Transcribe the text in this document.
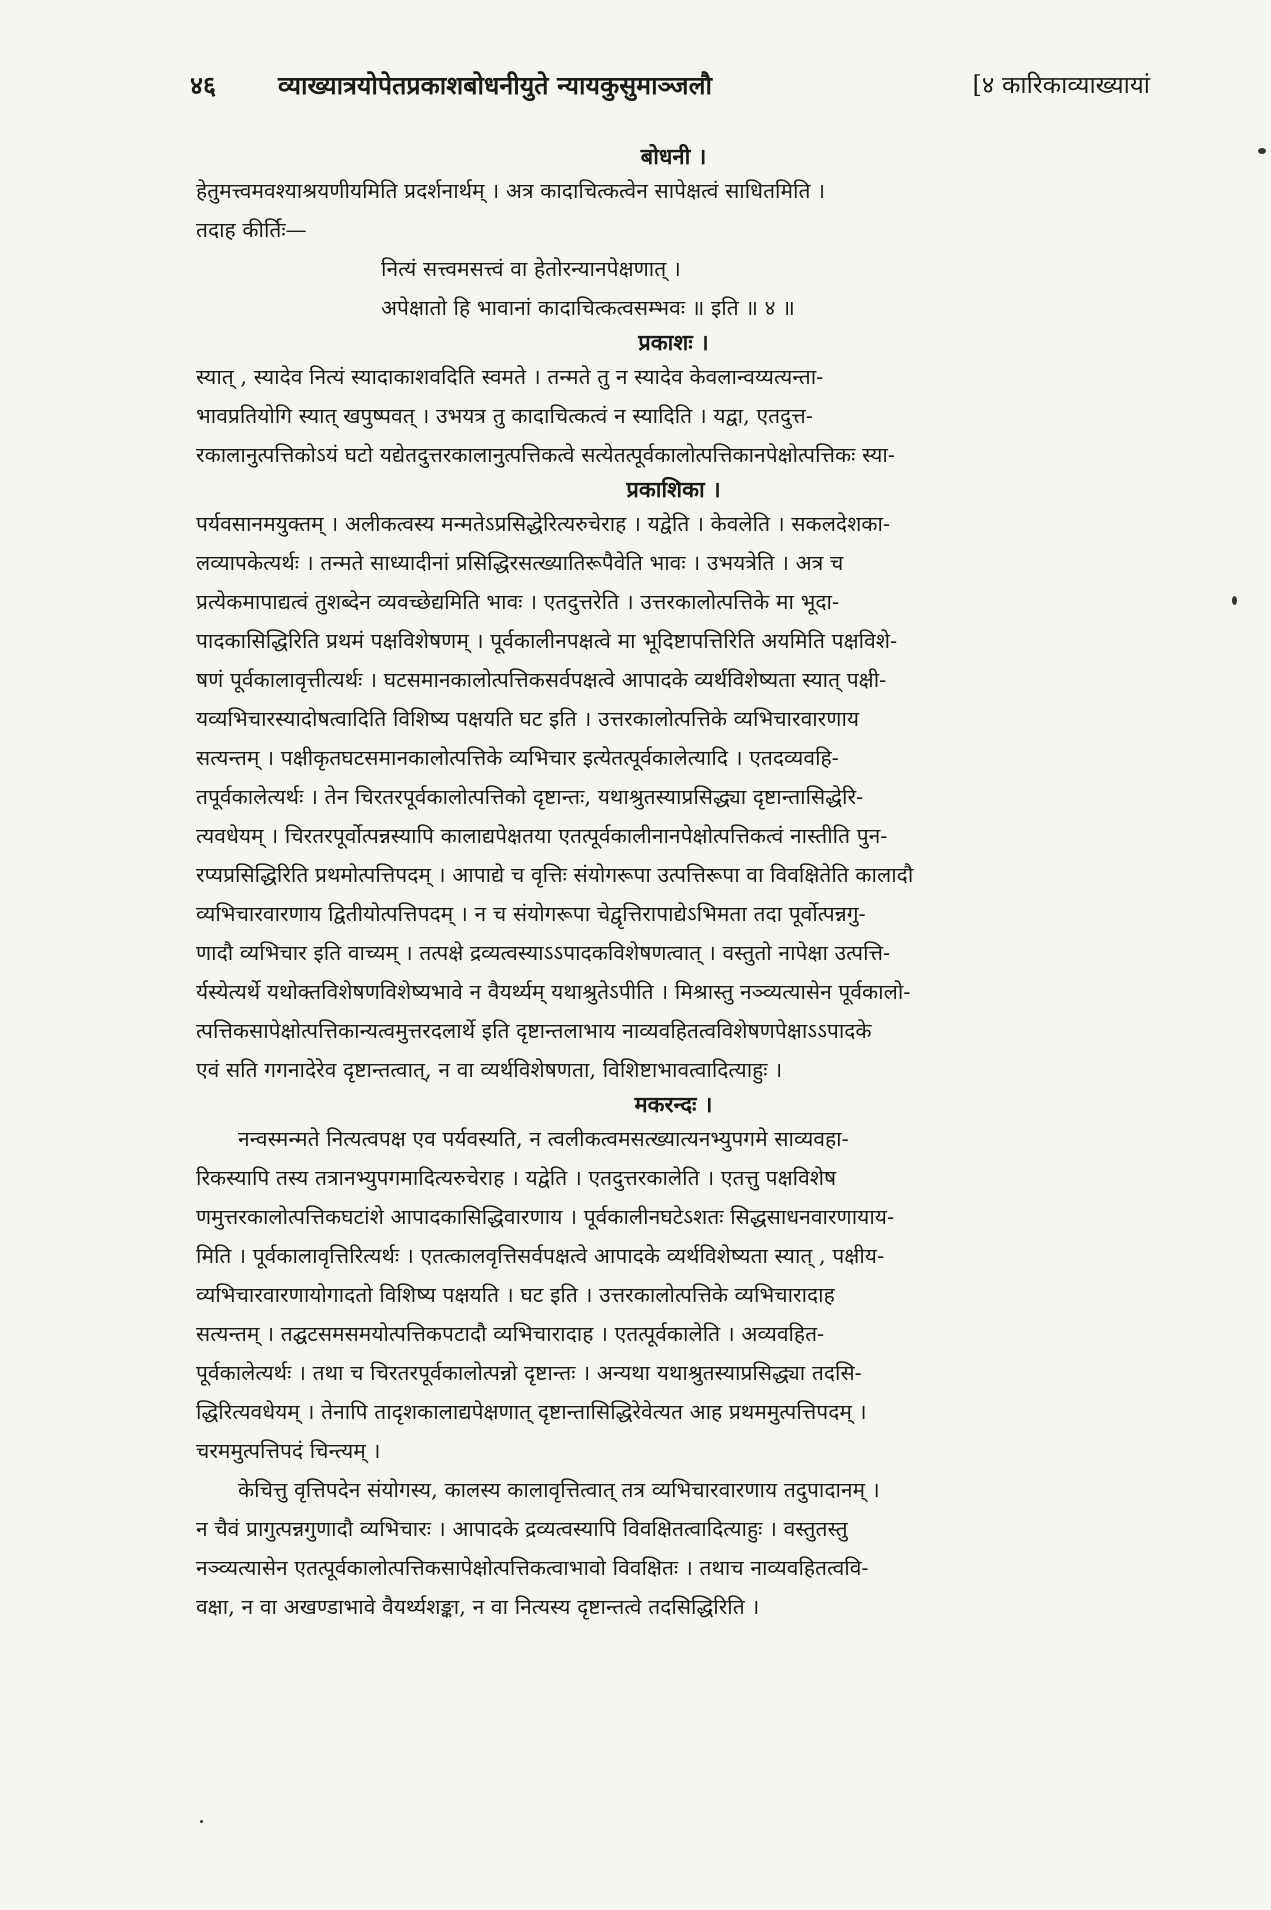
४६ व्याख्यात्रयोपेतप्रकाशबोधनीयुते न्यायकुसुमाञ्जलौ	[४ कारिकाव्याख्यायां
बोधनी ।
हेतुमत्त्वमवश्याश्रयणीयमिति प्रदर्शनार्थम् । अत्र कादाचित्कत्वेन सापेक्षत्वं साधितमिति ।
तदाह कीर्तिः—
नित्यं सत्त्वमसत्त्वं वा हेतोरन्यानपेक्षणात् ।
अपेक्षातो हि भावानां कादाचित्कत्वसम्भवः ॥ इति ॥ ४ ॥
प्रकाशः ।
स्यात् , स्यादेव नित्यं स्यादाकाशवदिति स्वमते । तन्मते तु न स्यादेव केवलान्वय्यत्यन्ता-
भावप्रतियोगि स्यात् खपुष्पवत् । उभयत्र तु कादाचित्कत्वं न स्यादिति । यद्वा, एतदुत्त-
रकालानुत्पत्तिकोऽयं घटो यद्येतदुत्तरकालानुत्पत्तिकत्वे सत्येतत्पूर्वकालोत्पत्तिकानपेक्षोत्पत्तिकः स्या-
प्रकाशिका ।
पर्यवसानमयुक्तम् । अलीकत्वस्य मन्मतेऽप्रसिद्धेरित्यरुचेराह । यद्वेति । केवलेति । सकलदेशका-
लव्यापकेत्यर्थः । तन्मते साध्यादीनां प्रसिद्धिरसत्ख्यातिरूपैवेति भावः । उभयत्रेति । अत्र च
प्रत्येकमापाद्यत्वं तुशब्देन व्यवच्छेद्यमिति भावः । एतदुत्तरेति । उत्तरकालोत्पत्तिके मा भूदा-
पादकासिद्धिरिति प्रथमं पक्षविशेषणम् । पूर्वकालीनपक्षत्वे मा भूदिष्टापत्तिरिति अयमिति पक्षविशे-
षणं पूर्वकालावृत्तीत्यर्थः । घटसमानकालोत्पत्तिकसर्वपक्षत्वे आपादके व्यर्थविशेष्यता स्यात् पक्षी-
यव्यभिचारस्यादोषत्वादिति विशिष्य पक्षयति घट इति । उत्तरकालोत्पत्तिके व्यभिचारवारणाय
सत्यन्तम् । पक्षीकृतघटसमानकालोत्पत्तिके व्यभिचार इत्येतत्पूर्वकालेत्यादि । एतदव्यवहि-
तपूर्वकालेत्यर्थः । तेन चिरतरपूर्वकालोत्पत्तिको दृष्टान्तः, यथाश्रुतस्याप्रसिद्ध्या दृष्टान्तासिद्धेरि-
त्यवधेयम् । चिरतरपूर्वोत्पन्नस्यापि कालाद्यपेक्षतया एतत्पूर्वकालीनानपेक्षोत्पत्तिकत्वं नास्तीति पुन-
रप्यप्रसिद्धिरिति प्रथमोत्पत्तिपदम् । आपाद्ये च वृत्तिः संयोगरूपा उत्पत्तिरूपा वा विवक्षितेति कालादौ
व्यभिचारवारणाय द्वितीयोत्पत्तिपदम् । न च संयोगरूपा चेद्वृत्तिरापाद्येऽभिमता तदा पूर्वोत्पन्नगु-
णादौ व्यभिचार इति वाच्यम् । तत्पक्षे द्रव्यत्वस्याऽऽपादकविशेषणत्वात् । वस्तुतो नापेक्षा उत्पत्ति-
र्यस्येत्यर्थे यथोक्तविशेषणविशेष्यभावे न वैयर्थ्यम् यथाश्रुतेऽपीति । मिश्रास्तु नञ्व्यत्यासेन पूर्वकालो-
त्पत्तिकसापेक्षोत्पत्तिकान्यत्वमुत्तरदलार्थे इति दृष्टान्तलाभाय नाव्यवहितत्वविशेषणपेक्षाऽऽपादके
एवं सति गगनादेरेव दृष्टान्तत्वात्, न वा व्यर्थविशेषणता, विशिष्टाभावत्वादित्याहुः ।
मकरन्दः ।
नन्वस्मन्मते नित्यत्वपक्ष एव पर्यवस्यति, न त्वलीकत्वमसत्ख्यात्यनभ्युपगमे साव्यवहा-
रिकस्यापि तस्य तत्रानभ्युपगमादित्यरुचेराह । यद्वेति । एतदुत्तरकालेति । एतत्तु पक्षविशेष
णमुत्तरकालोत्पत्तिकघटांशे आपादकासिद्धिवारणाय । पूर्वकालीनघटेऽशतः सिद्धसाधनवारणायाय-
मिति । पूर्वकालावृत्तिरित्यर्थः । एतत्कालवृत्तिसर्वपक्षत्वे आपादके व्यर्थविशेष्यता स्यात् , पक्षीय-
व्यभिचारवारणायोगादतो विशिष्य पक्षयति । घट इति । उत्तरकालोत्पत्तिके व्यभिचारादाह
सत्यन्तम् । तद्घटसमसमयोत्पत्तिकपटादौ व्यभिचारादाह । एतत्पूर्वकालेति । अव्यवहित-
पूर्वकालेत्यर्थः । तथा च चिरतरपूर्वकालोत्पन्नो दृष्टान्तः । अन्यथा यथाश्रुतस्याप्रसिद्ध्या तदसि-
द्धिरित्यवधेयम् । तेनापि तादृशकालाद्यपेक्षणात् दृष्टान्तासिद्धिरेवेत्यत आह प्रथममुत्पत्तिपदम् ।
चरममुत्पत्तिपदं चिन्त्यम् ।
केचित्तु वृत्तिपदेन संयोगस्य, कालस्य कालावृत्तित्वात् तत्र व्यभिचारवारणाय तदुपादानम् ।
न चैवं प्रागुत्पन्नगुणादौ व्यभिचारः । आपादके द्रव्यत्वस्यापि विवक्षितत्वादित्याहुः । वस्तुतस्तु
नञ्व्यत्यासेन एतत्पूर्वकालोत्पत्तिकसापेक्षोत्पत्तिकत्वाभावो विवक्षितः । तथाच नाव्यवहितत्ववि-
वक्षा, न वा अखण्डाभावे वैयर्थ्यशङ्का, न वा नित्यस्य दृष्टान्तत्वे तदसिद्धिरिति ।
